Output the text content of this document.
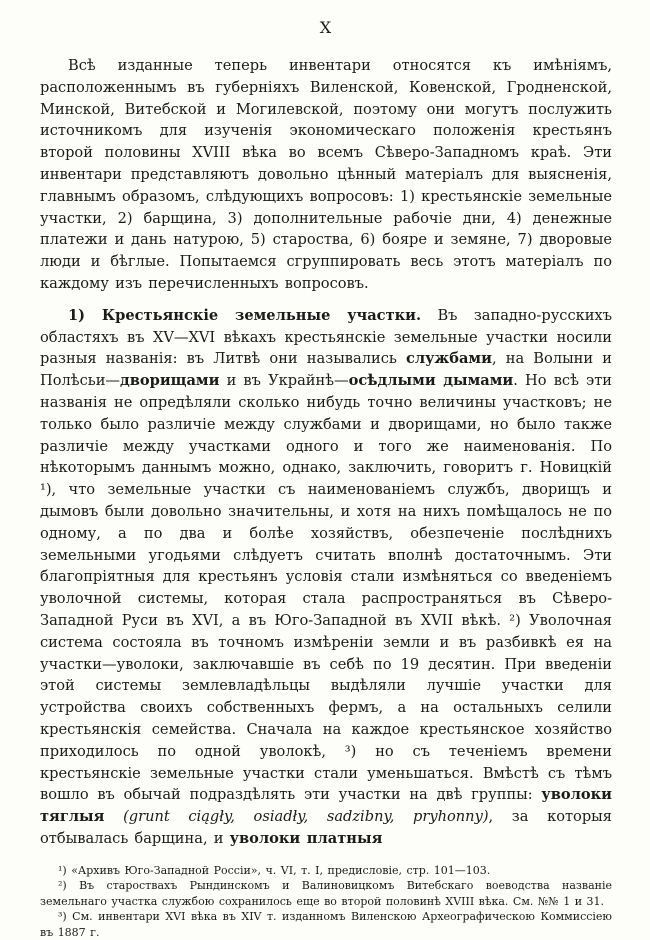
X

Всѣ изданные теперь инвентари относятся къ имѣніямъ, расположеннымъ въ губерніяхъ Виленской, Ковенской, Гродненской, Минской, Витебской и Могилевской, поэтому они могутъ послужить источникомъ для изученія экономическаго положенія крестьянъ второй половины XVIII вѣка во всемъ Сѣверо-Западномъ краѣ. Эти инвентари представляютъ довольно цѣнный матеріалъ для выясненія, главнымъ образомъ, слѣдующихъ вопросовъ: 1) крестьянскіе земельные участки, 2) барщина, 3) дополнительные рабочіе дни, 4) денежные платежи и дань натурою, 5) староства, 6) бояре и земяне, 7) дворовые люди и бѣглые. Попытаемся сгруппировать весь этотъ матеріалъ по каждому изъ перечисленныхъ вопросовъ.

1) Крестьянскіе земельные участки. Въ западно-русскихъ областяхъ въ XV—XVI вѣкахъ крестьянскіе земельные участки носили разныя названія: въ Литвѣ они назывались службами, на Волыни и Полѣсьи—дворищами и въ Украйнѣ—осѣдлыми дымами. Но всѣ эти названія не опредѣляли сколько нибудь точно величины участковъ; не только было различіе между службами и дворищами, но было также различіе между участками одного и того же наименованія. По нѣкоторымъ даннымъ можно, однако, заключить, говоритъ г. Новицкій ¹), что земельные участки съ наименованіемъ службъ, дворищъ и дымовъ были довольно значительны, и хотя на нихъ помѣщалось не по одному, а по два и болѣе хозяйствъ, обезпеченіе послѣднихъ земельными угодьями слѣдуетъ считать вполнѣ достаточнымъ. Эти благопріятныя для крестьянъ условія стали измѣняться со введеніемъ уволочной системы, которая стала распространяться въ Сѣверо-Западной Руси въ XVI, а въ Юго-Западной въ XVII вѣкѣ. ²) Уволочная система состояла въ точномъ измѣреніи земли и въ разбивкѣ ея на участки—уволоки, заключавшіе въ себѣ по 19 десятин. При введеніи этой системы землевладѣльцы выдѣляли лучшіе участки для устройства своихъ собственныхъ фермъ, а на остальныхъ селили крестьянскія семейства. Сначала на каждое крестьянское хозяйство приходилось по одной уволокѣ, ³) но съ теченіемъ времени крестьянскіе земельные участки стали уменьшаться. Вмѣстѣ съ тѣмъ вошло въ обычай подраздѣлять эти участки на двѣ группы: уволоки тяглыя (grunt ciągły, osiadły, sadzibny, pryhonny), за которыя отбывалась барщина, и уволоки платныя

¹) «Архивъ Юго-Западной Россіи», ч. VI, т. I, предисловіе, стр. 101—103.

²) Въ староствахъ Рындинскомъ и Валиновицкомъ Витебскаго воеводства названіе земельнаго участка службою сохранилось еще во второй половинѣ XVIII вѣка. См. №№ 1 и 31.

³) См. инвентари XVI вѣка въ XIV т. изданномъ Виленскою Археографическою Коммиссіею въ 1887 г.
